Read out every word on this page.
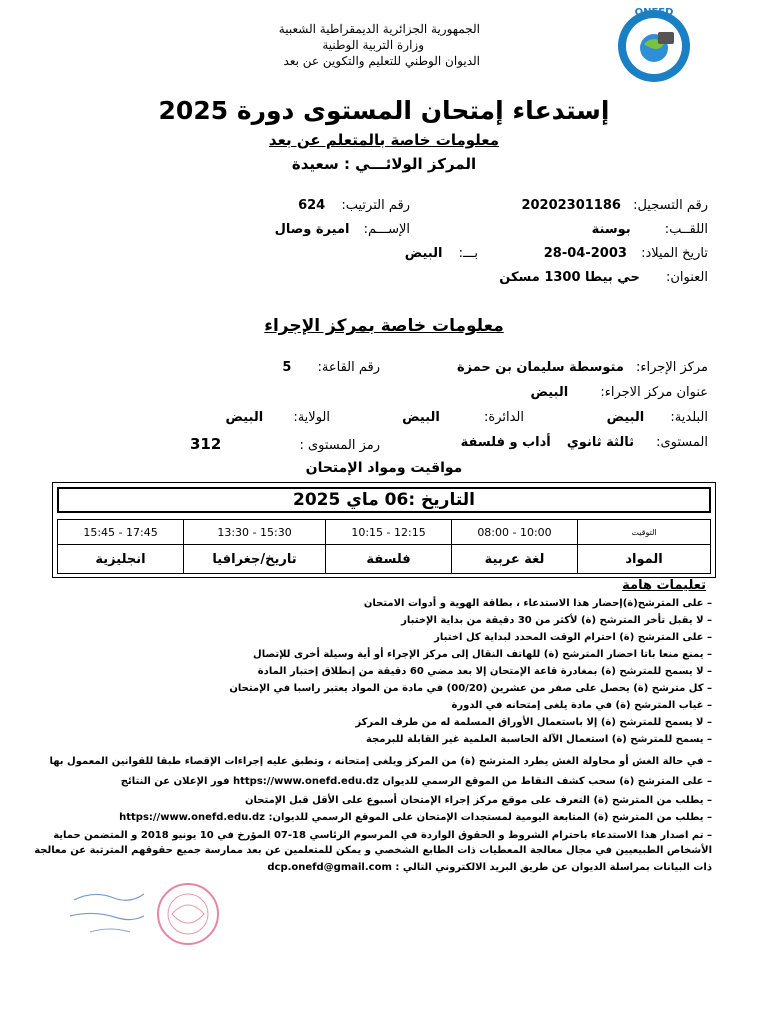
الجمهورية الجزائرية الديمقراطية الشعبية
وزارة التربية الوطنية
الديوان الوطني للتعليم والتكوين عن بعد
ONEFD
إستدعاء إمتحان المستوى دورة 2025
معلومات خاصة بالمتعلم عن بعد
المركز الولائـــي : سعيدة
رقم التسجيل: 20202301186
رقم الترتيب: 624
اللقــب: بوسنة
الإســـم: اميرة وصال
تاريخ الميلاد: 28-04-2003
بـــ: البيض
العنوان: حي بيطا 1300 مسكن
معلومات خاصة بمركز الإجراء
مركز الإجراء: متوسطة سليمان بن حمزة
رقم القاعة: 5
عنوان مركز الاجراء: البيض
البلدية: البيض
الدائرة: البيض
الولاية: البيض
المستوى: ثالثة ثانوي أداب و فلسفة
رمز المستوى : 312
مواقيت ومواد الإمتحان
التاريخ :06 ماي 2025
التوقيت	08:00 - 10:00	10:15 - 12:15	13:30 - 15:30	15:45 - 17:45
المواد	لغة عربية	فلسفة	تاريخ/جغرافيا	انجليزية
تعليمات هامة
– على المترشح(ة)إحضار هذا الاستدعاء ، بطاقة الهوية و أدوات الامتحان
– لا يقبل تأخر المترشح (ة) لأكثر من 30 دقيقة من بداية الإختبار
– على المترشح (ة) احترام الوقت المحدد لبداية كل اختبار
– يمنع منعا باتا احضار المترشح (ة) للهاتف النقال إلى مركز الإجراء أو أية وسيلة أخرى للإتصال
– لا يسمح للمترشح (ة) بمغادرة قاعة الإمتحان إلا بعد مضي 60 دقيقة من إنطلاق إختبار المادة
– كل مترشح (ة) يحصل على صفر من عشرين (00/20) في مادة من المواد يعتبر راسبا في الإمتحان
– غياب المترشح (ة) في مادة يلغى إمتحانه في الدورة
– لا يسمح للمترشح (ة) إلا باستعمال الأوراق المسلمة له من طرف المركز
– يسمح للمترشح (ة) استعمال الآلة الحاسبة العلمية غير القابلة للبرمجة
– في حالة الغش أو محاولة الغش يطرد المترشح (ة) من المركز ويلغى إمتحانه ، وتطبق عليه إجراءات الإقصاء طبقا للقوانين المعمول بها
– على المترشح (ة) سحب كشف النقاط من الموقع الرسمي للديوان https://www.onefd.edu.dz فور الإعلان عن النتائج
– يطلب من المترشح (ة) التعرف على موقع مركز إجراء الإمتحان أسبوع على الأقل قبل الإمتحان
– يطلب من المترشح (ة) المتابعة اليومية لمستجدات الإمتحان على الموقع الرسمي للديوان: https://www.onefd.edu.dz
– تم اصدار هذا الاستدعاء باحترام الشروط و الحقوق الواردة في المرسوم الرئاسي 18-07 المؤرخ في 10 يونيو 2018 و المتضمن حماية
الأشخاص الطبيعيين في مجال معالجة المعطيات ذات الطابع الشخصي و يمكن للمتعلمين عن بعد ممارسة جميع حقوقهم المترتبة عن معالجة
ذات البيانات بمراسلة الديوان عن طريق البريد الالكتروني التالي : dcp.onefd@gmail.com
